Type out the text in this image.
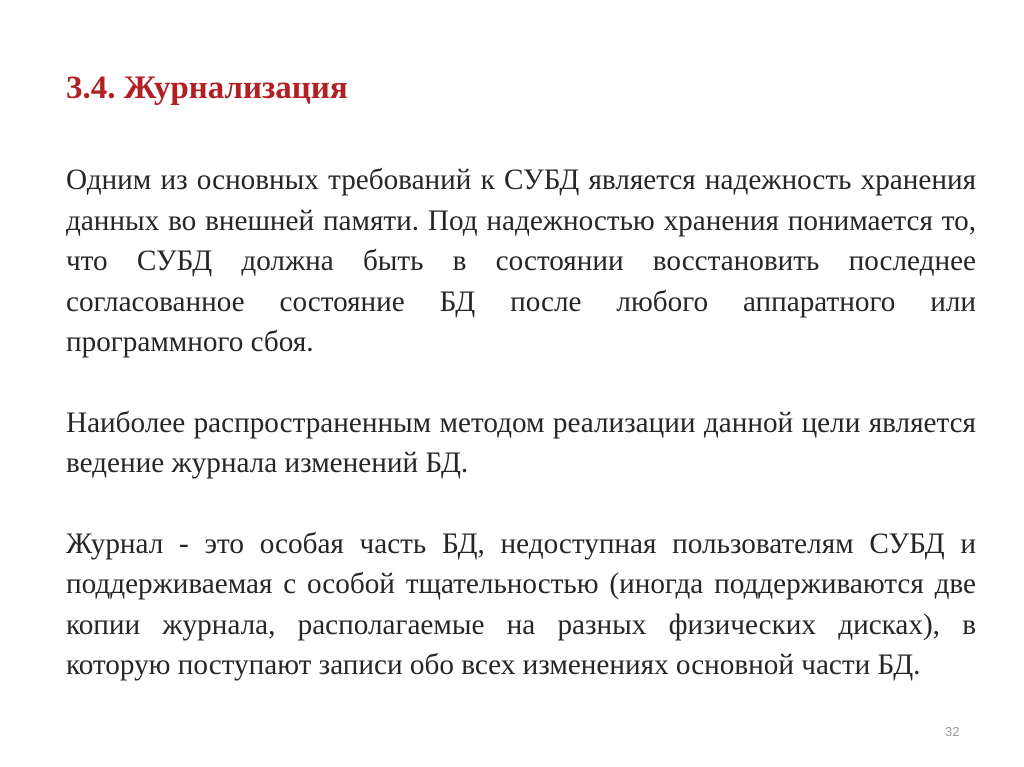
3.4. Журнализация

Одним из основных требований к СУБД является надежность хранения данных во внешней памяти. Под надежностью хранения понимается то, что СУБД должна быть в состоянии восстановить последнее согласованное состояние БД после любого аппаратного или программного сбоя.

Наиболее распространенным методом реализации данной цели является ведение журнала изменений БД.

Журнал - это особая часть БД, недоступная пользователям СУБД и поддерживаемая с особой тщательностью (иногда поддерживаются две копии журнала, располагаемые на разных физических дисках), в которую поступают записи обо всех изменениях основной части БД.

32
